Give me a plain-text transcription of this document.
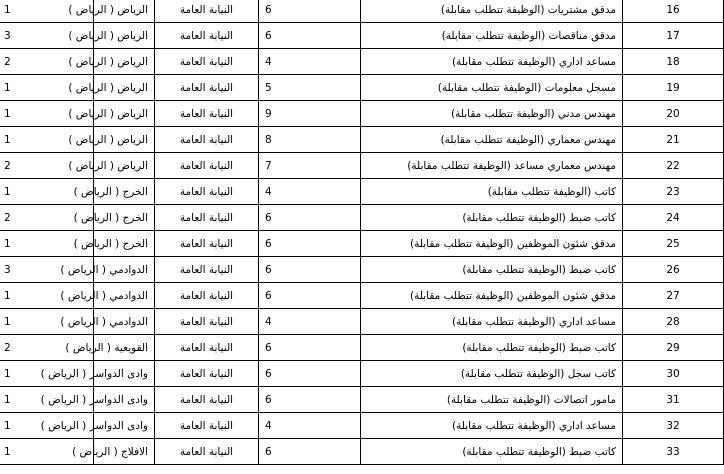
16	مدقق مشتريات (الوظيفة تتطلب مقابلة)	6	النيابة العامة	الرياض ( الرياض )	1
17	مدقق مناقصات (الوظيفة تتطلب مقابلة)	6	النيابة العامة	الرياض ( الرياض )	3
18	مساعد اداري (الوظيفة تتطلب مقابلة)	4	النيابة العامة	الرياض ( الرياض )	2
19	مسجل معلومات (الوظيفة تتطلب مقابلة)	5	النيابة العامة	الرياض ( الرياض )	1
20	مهندس مدني (الوظيفة تتطلب مقابلة)	9	النيابة العامة	الرياض ( الرياض )	1
21	مهندس معماري (الوظيفة تتطلب مقابلة)	8	النيابة العامة	الرياض ( الرياض )	1
22	مهندس معماري مساعد (الوظيفة تتطلب مقابلة)	7	النيابة العامة	الرياض ( الرياض )	2
23	كاتب (الوظيفة تتطلب مقابلة)	4	النيابة العامة	الخرج ( الرياض )	1
24	كاتب ضبط (الوظيفة تتطلب مقابلة)	6	النيابة العامة	الخرج ( الرياض )	2
25	مدقق شئون الموظفين (الوظيفة تتطلب مقابلة)	6	النيابة العامة	الخرج ( الرياض )	1
26	كاتب ضبط (الوظيفة تتطلب مقابلة)	6	النيابة العامة	الدوادمي ( الرياض )	3
27	مدقق شئون الموظفين (الوظيفة تتطلب مقابلة)	6	النيابة العامة	الدوادمي ( الرياض )	1
28	مساعد اداري (الوظيفة تتطلب مقابلة)	4	النيابة العامة	الدوادمي ( الرياض )	1
29	كاتب ضبط (الوظيفة تتطلب مقابلة)	6	النيابة العامة	القويعية ( الرياض )	2
30	كاتب سجل (الوظيفة تتطلب مقابلة)	6	النيابة العامة	وادى الدواسر ( الرياض )	1
31	مامور اتصالات (الوظيفة تتطلب مقابلة)	6	النيابة العامة	وادى الدواسر ( الرياض )	1
32	مساعد اداري (الوظيفة تتطلب مقابلة)	4	النيابة العامة	وادى الدواسر ( الرياض )	1
33	كاتب ضبط (الوظيفة تتطلب مقابلة)	6	النيابة العامة	الافلاج ( الرياض )	1
